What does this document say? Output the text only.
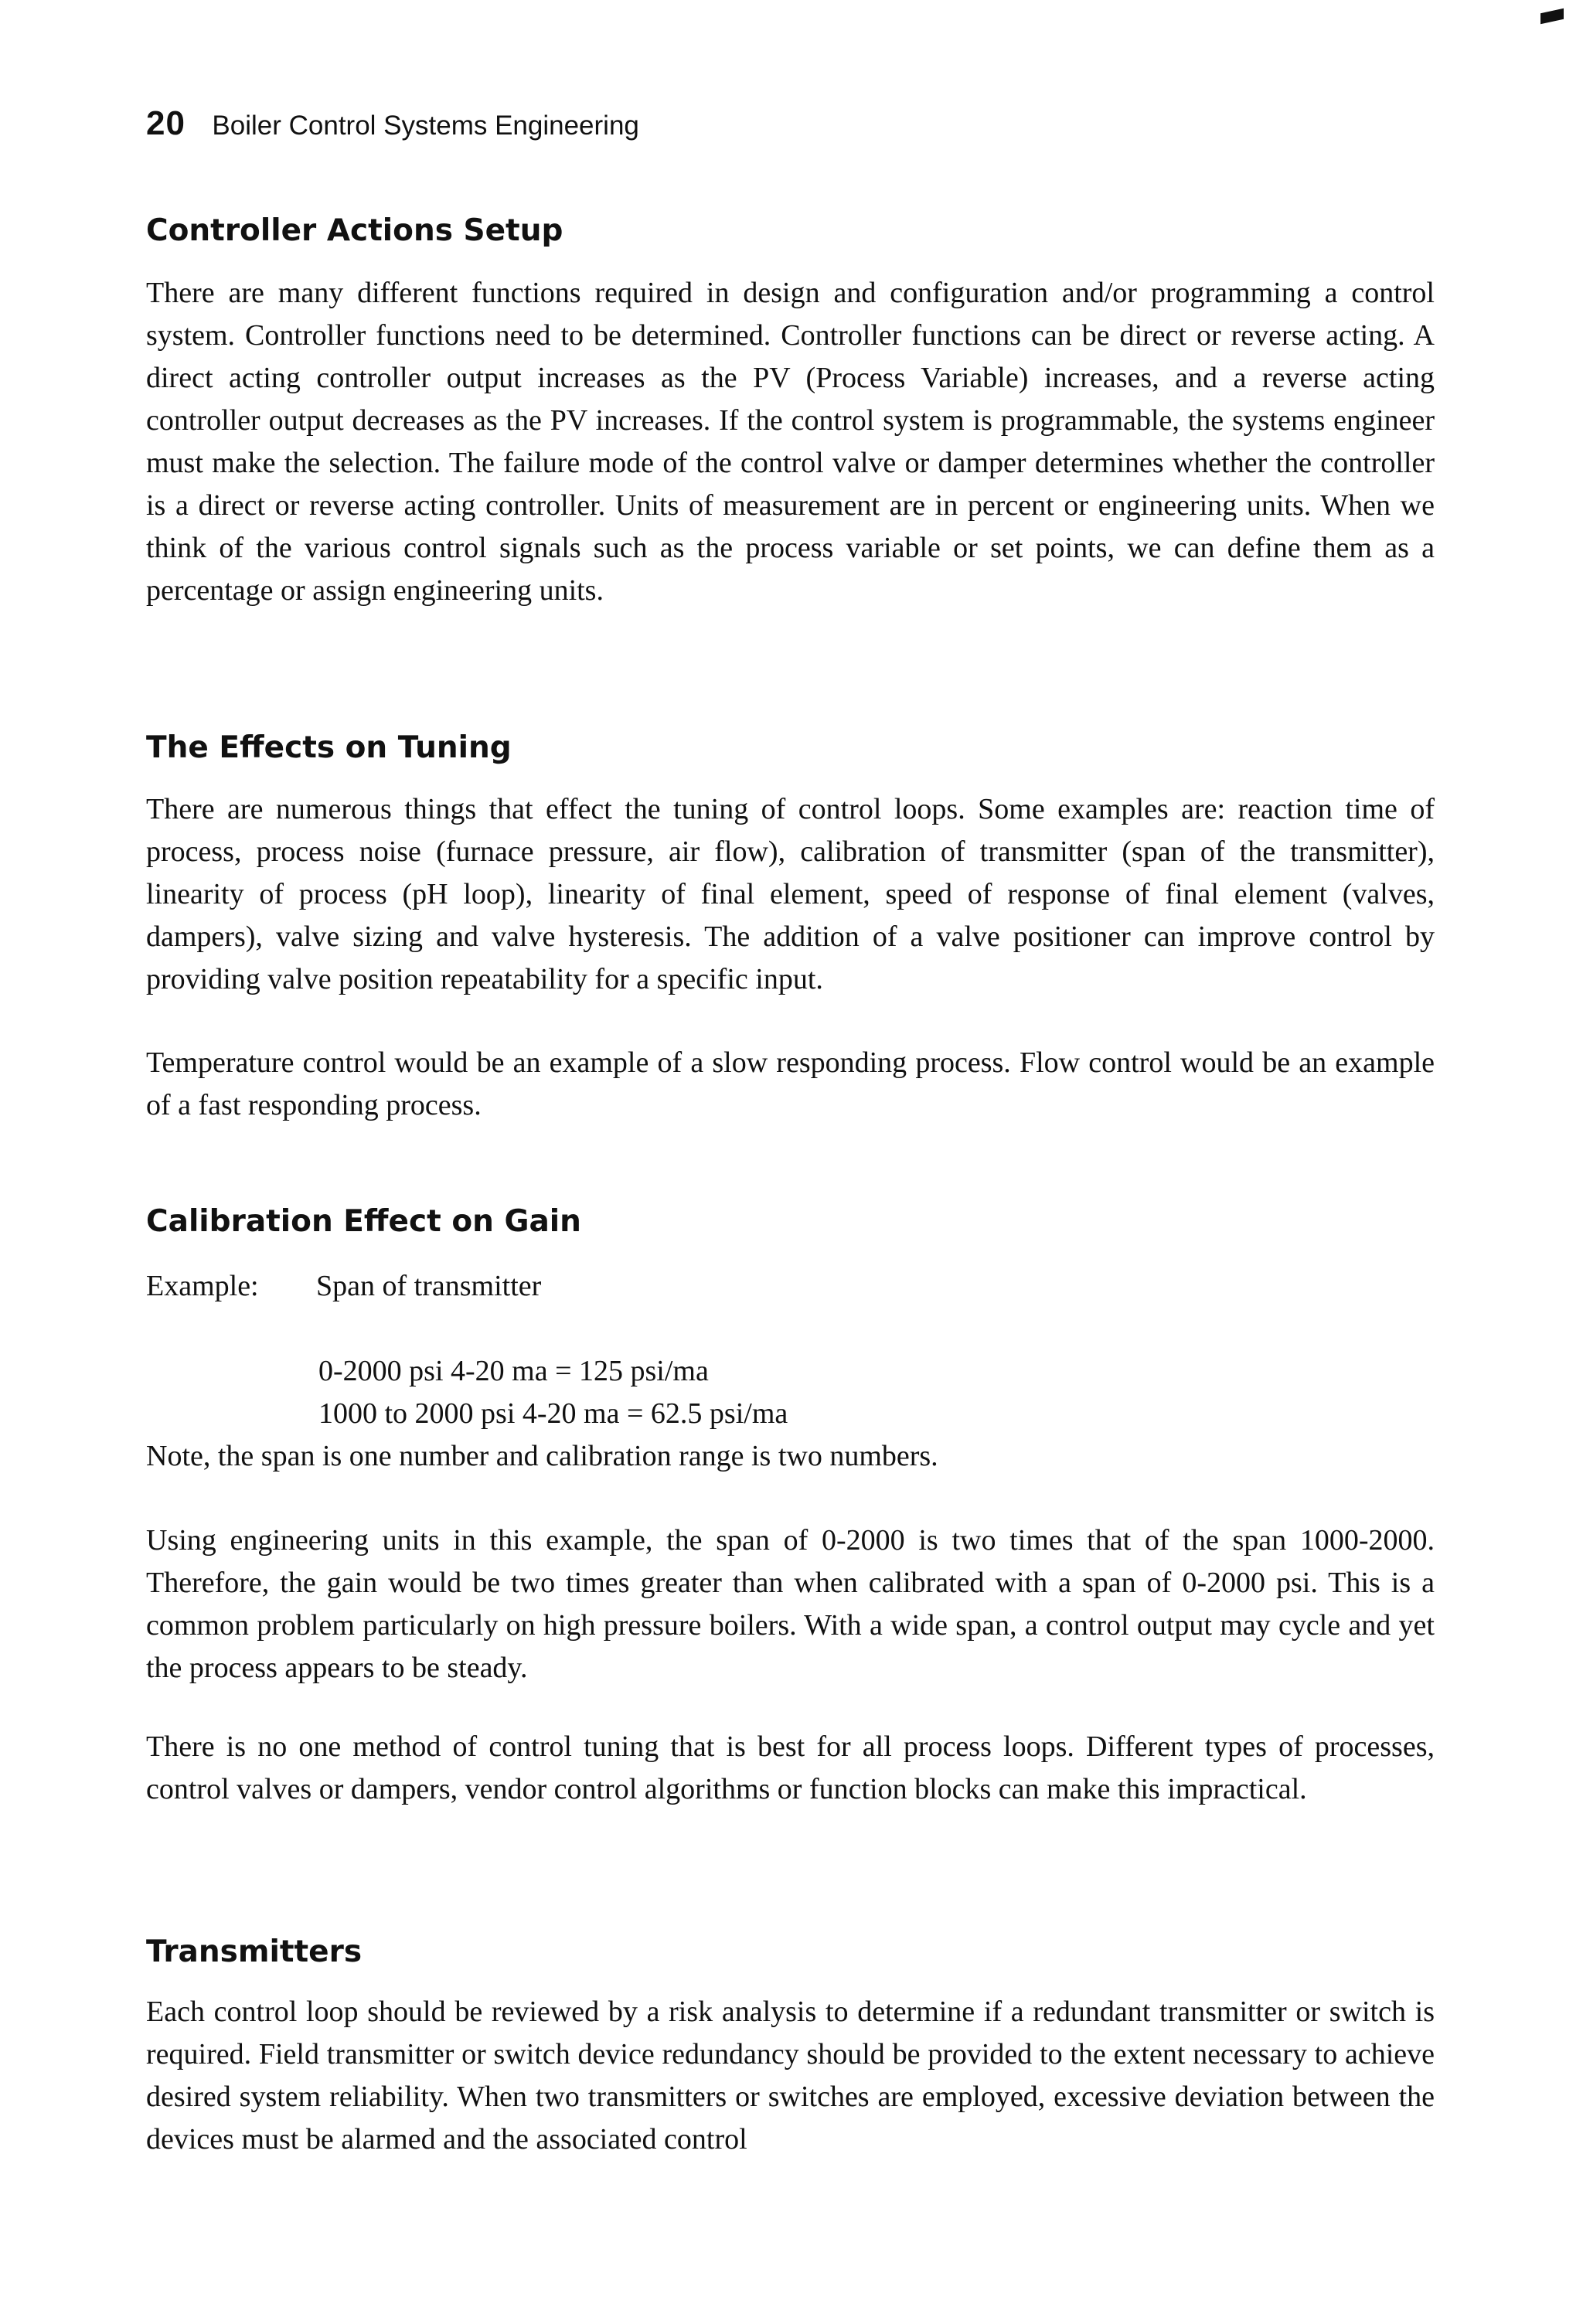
20 Boiler Control Systems Engineering
Controller Actions Setup

There are many different functions required in design and configuration and/or programming a control system. Controller functions need to be determined. Controller functions can be direct or reverse acting. A direct acting controller output increases as the PV (Process Variable) increases, and a reverse acting controller output decreases as the PV increases. If the control system is programmable, the systems engineer must make the selection. The failure mode of the control valve or damper determines whether the controller is a direct or reverse acting controller. Units of measurement are in percent or engineering units. When we think of the various control signals such as the process variable or set points, we can define them as a percentage or assign engineering units.

The Effects on Tuning

There are numerous things that effect the tuning of control loops. Some examples are: reaction time of process, process noise (furnace pressure, air flow), calibration of transmitter (span of the transmitter), linearity of process (pH loop), linearity of final element, speed of response of final element (valves, dampers), valve sizing and valve hysteresis. The addition of a valve positioner can improve control by providing valve position repeatability for a specific input.

Temperature control would be an example of a slow responding process. Flow control would be an example of a fast responding process.

Calibration Effect on Gain
Example: Span of transmitter
0-2000 psi 4-20 ma = 125 psi/ma
1000 to 2000 psi 4-20 ma = 62.5 psi/ma
Note, the span is one number and calibration range is two numbers.

Using engineering units in this example, the span of 0-2000 is two times that of the span 1000-2000. Therefore, the gain would be two times greater than when calibrated with a span of 0-2000 psi. This is a common problem particularly on high pressure boilers. With a wide span, a control output may cycle and yet the process appears to be steady.

There is no one method of control tuning that is best for all process loops. Different types of processes, control valves or dampers, vendor control algorithms or function blocks can make this impractical.

Transmitters

Each control loop should be reviewed by a risk analysis to determine if a redundant transmitter or switch is required. Field transmitter or switch device redundancy should be provided to the extent necessary to achieve desired system reliability. When two transmitters or switches are employed, excessive deviation between the devices must be alarmed and the associated control
